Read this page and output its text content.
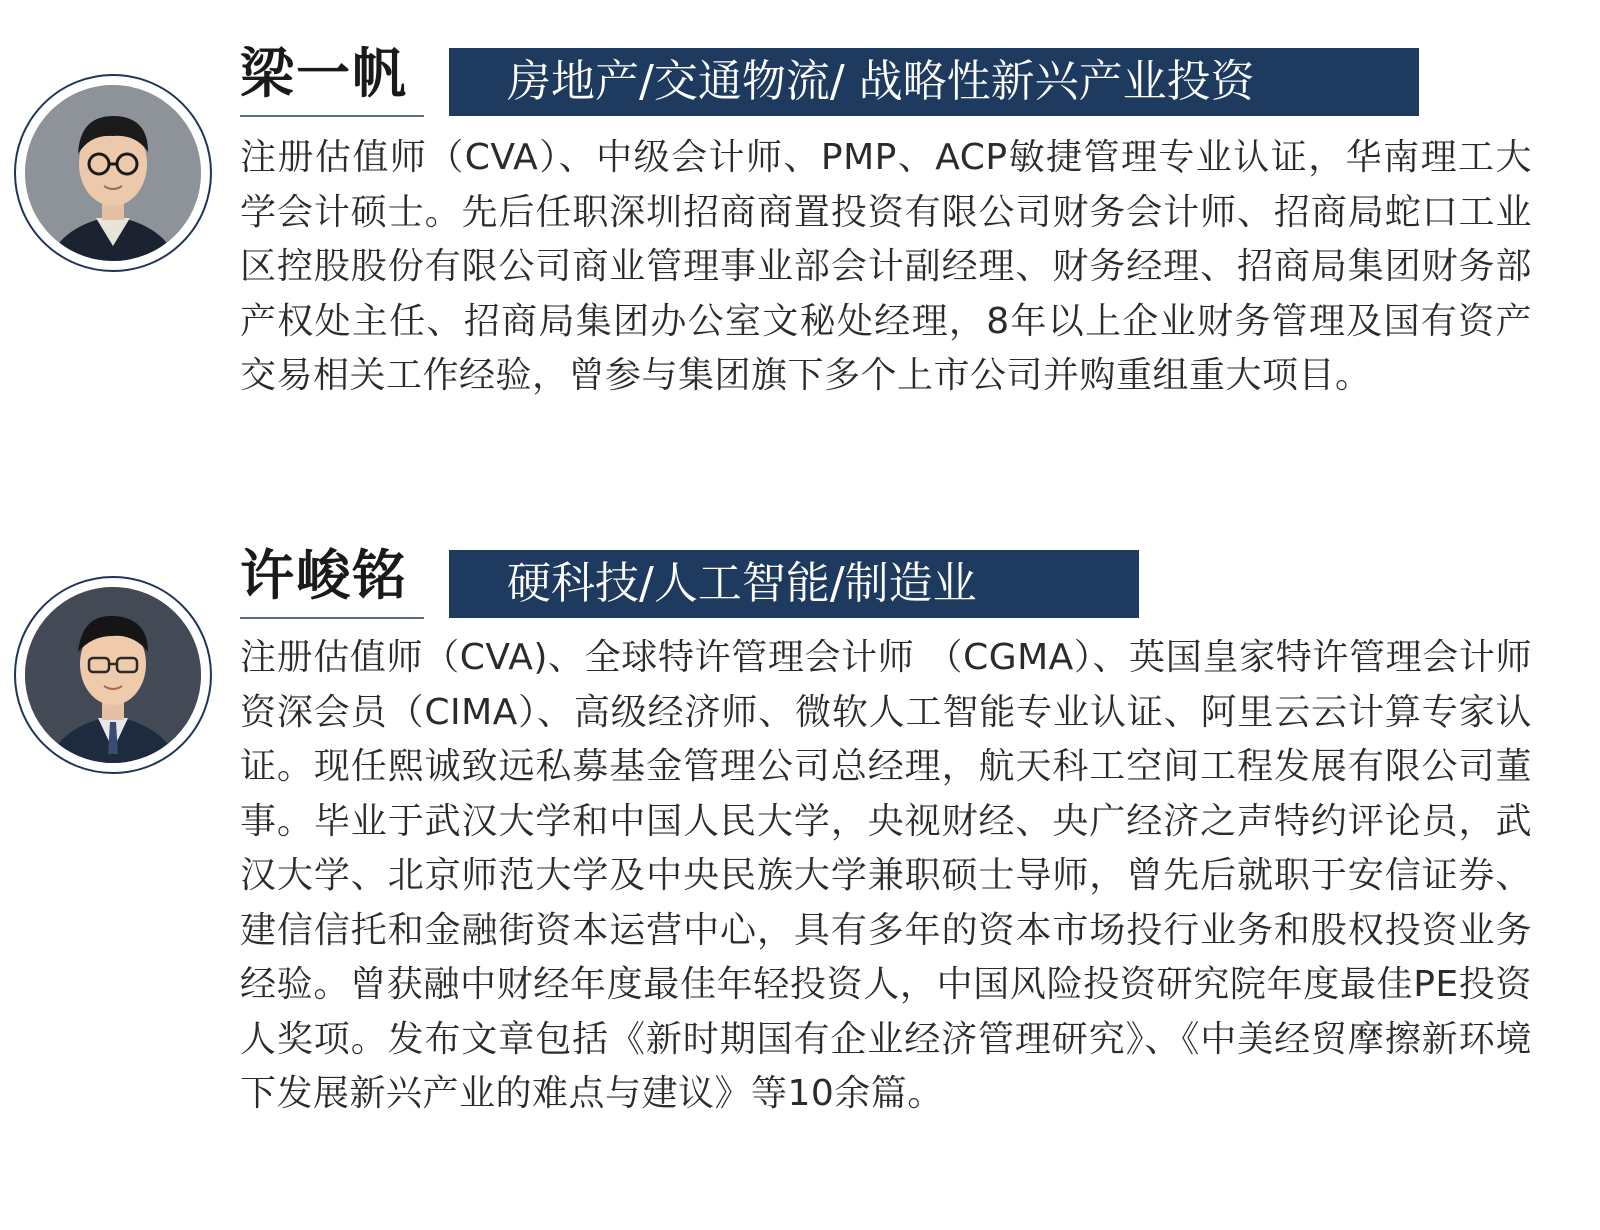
梁一帆	房地产/交通物流/ 战略性新兴产业投资

注册估值师（CVA）、中级会计师、PMP、ACP敏捷管理专业认证，华南理工大学会计硕士。先后任职深圳招商商置投资有限公司财务会计师、招商局蛇口工业区控股股份有限公司商业管理事业部会计副经理、财务经理、招商局集团财务部产权处主任、招商局集团办公室文秘处经理，8年以上企业财务管理及国有资产交易相关工作经验，曾参与集团旗下多个上市公司并购重组重大项目。

许峻铭	硬科技/人工智能/制造业

注册估值师（CVA)、全球特许管理会计师 （CGMA）、英国皇家特许管理会计师资深会员（CIMA）、高级经济师、微软人工智能专业认证、阿里云云计算专家认证。现任熙诚致远私募基金管理公司总经理，航天科工空间工程发展有限公司董事。毕业于武汉大学和中国人民大学，央视财经、央广经济之声特约评论员，武汉大学、北京师范大学及中央民族大学兼职硕士导师，曾先后就职于安信证券、建信信托和金融街资本运营中心，具有多年的资本市场投行业务和股权投资业务经验。曾获融中财经年度最佳年轻投资人，中国风险投资研究院年度最佳PE投资人奖项。发布文章包括《新时期国有企业经济管理研究》、《中美经贸摩擦新环境下发展新兴产业的难点与建议》等10余篇。
